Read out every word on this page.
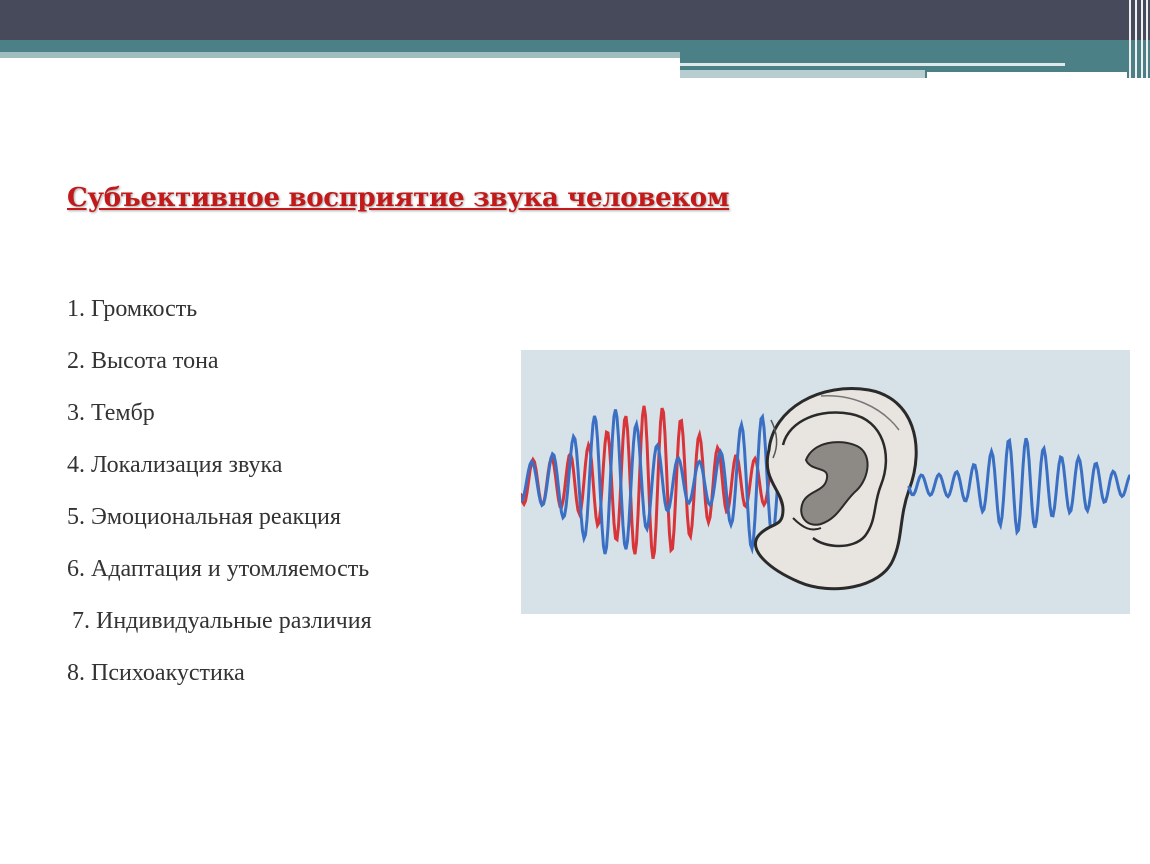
Субъективное восприятие звука человеком
1. Громкость
2. Высота тона
3. Тембр
4. Локализация звука
5. Эмоциональная реакция
6. Адаптация и утомляемость
7. Индивидуальные различия
8. Психоакустика
